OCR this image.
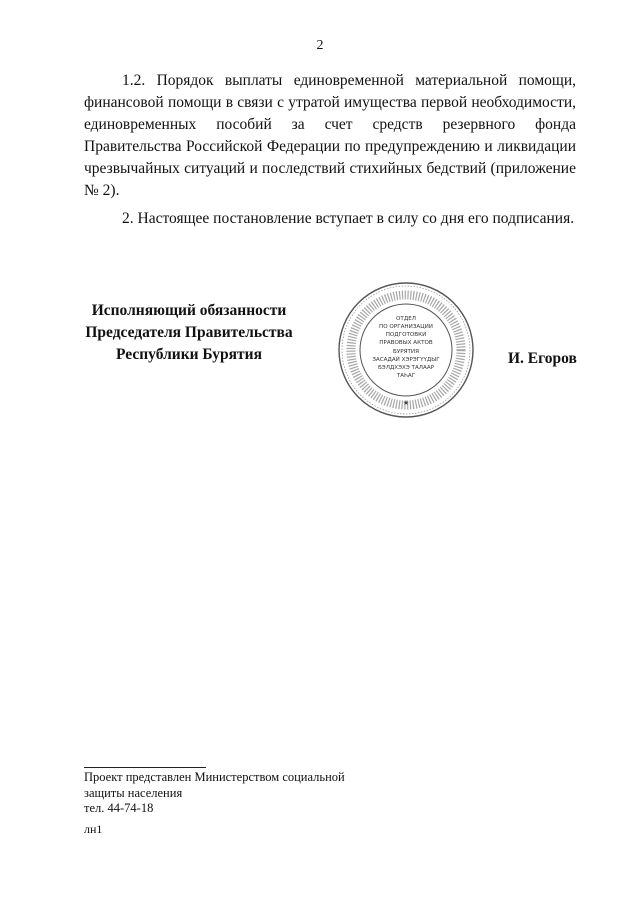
2

1.2. Порядок выплаты единовременной материальной помощи, финансовой помощи в связи с утратой имущества первой необходимости, единовременных пособий за счет средств резервного фонда Правительства Российской Федерации по предупреждению и ликвидации чрезвычайных ситуаций и последствий стихийных бедствий (приложение № 2).

2. Настоящее постановление вступает в силу со дня его подписания.

Исполняющий обязанности
Председателя Правительства
Республики Бурятия
ОТДЕЛ
ПО ОРГАНИЗАЦИИ
ПОДГОТОВКИ
ПРАВОВЫХ АКТОВ
БУРЯТИЯ
ЗАСАДАЙ ХЭРЭГҮҮДЫГ
БЭЛДХЭХЭ ТАЛААР
ТАҺАГ
★
И. Егоров
Проект представлен Министерством социальной
защиты населения
тел. 44-74-18
лн1
